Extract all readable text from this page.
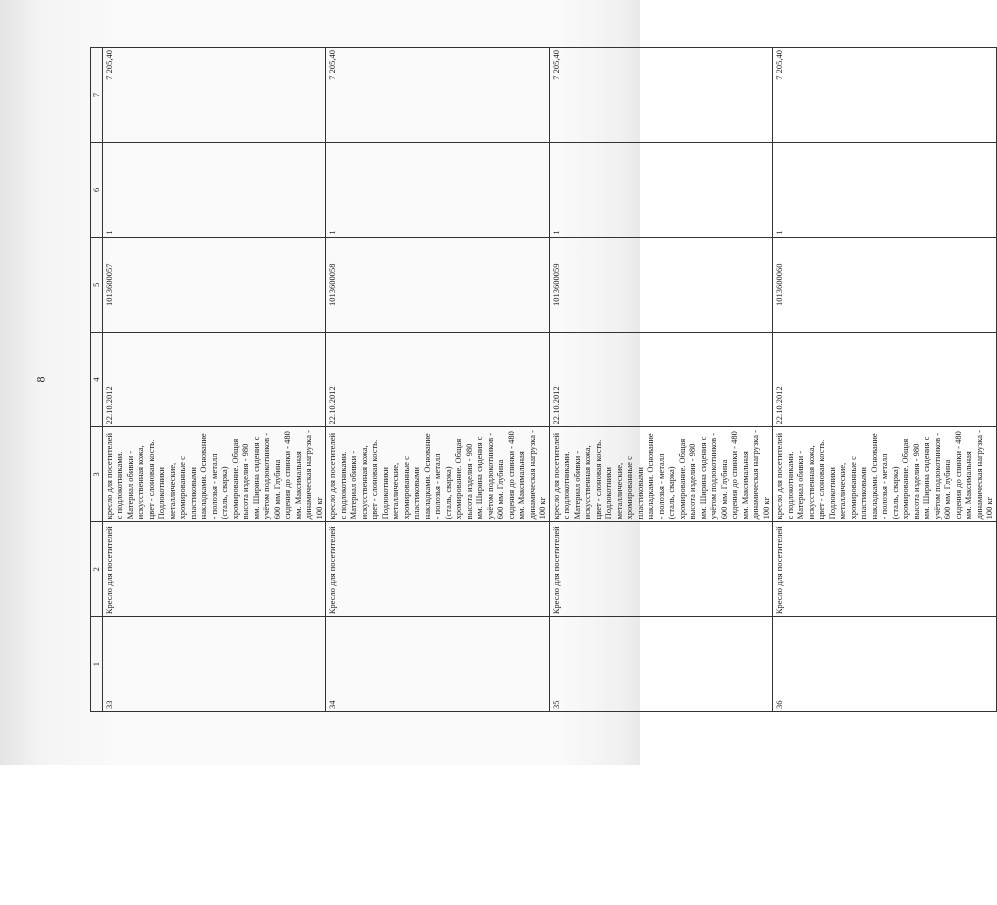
8
1	2	3	4	5	6	7
33	Кресло для посетителей	кресло для посетителей с подлокотниками. Материал обивки - искусственная кожа, цвет - слоновая кость. Подлокотники металлические, хромированные с пластиковыми накладками. Основание - полозья - металл (сталь, сварка) хромирование. Общая высота изделия - 980 мм. Ширина сидения с учётом подлокотников - 600 мм. Глубина сидения до спинки - 480 мм. Максимальная динамическая нагрузка - 100 кг	22.10.2012	1013600057	1	7 205,40
34	Кресло для посетителей	кресло для посетителей с подлокотниками. Материал обивки - искусственная кожа, цвет - слоновая кость. Подлокотники металлические, хромированные с пластиковыми накладками. Основание - полозья - металл (сталь, сварка) хромирование. Общая высота изделия - 980 мм. Ширина сидения с учётом подлокотников - 600 мм. Глубина сидения до спинки - 480 мм. Максимальная динамическая нагрузка - 100 кг	22.10.2012	1013600058	1	7 205,40
35	Кресло для посетителей	кресло для посетителей с подлокотниками. Материал обивки - искусственная кожа, цвет - слоновая кость. Подлокотники металлические, хромированные с пластиковыми накладками. Основание - полозья - металл (сталь, сварка) хромирование. Общая высота изделия - 980 мм. Ширина сидения с учётом подлокотников - 600 мм. Глубина сидения до спинки - 480 мм. Максимальная динамическая нагрузка - 100 кг	22.10.2012	1013600059	1	7 205,40
36	Кресло для посетителей	кресло для посетителей с подлокотниками. Материал обивки - искусственная кожа, цвет - слоновая кость. Подлокотники металлические, хромированные с пластиковыми накладками. Основание - полозья - металл (сталь, сварка) хромирование. Общая высота изделия - 980 мм. Ширина сидения с учётом подлокотников - 600 мм. Глубина сидения до спинки - 480 мм. Максимальная динамическая нагрузка - 100 кг	22.10.2012	1013600060	1	7 205,40
